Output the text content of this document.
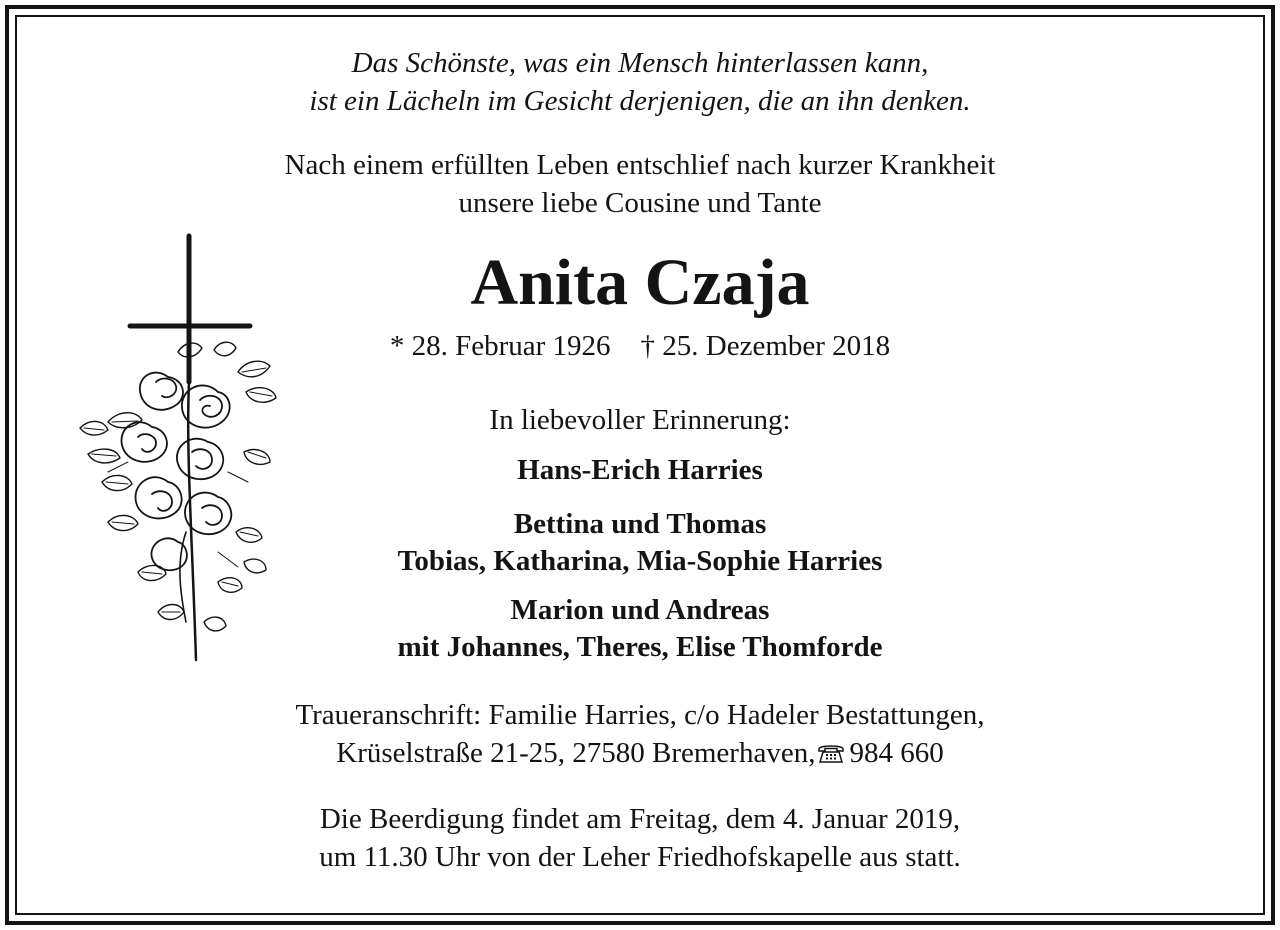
Das Schönste, was ein Mensch hinterlassen kann,
ist ein Lächeln im Gesicht derjenigen, die an ihn denken.
Nach einem erfüllten Leben entschlief nach kurzer Krankheit
unsere liebe Cousine und Tante
Anita Czaja
* 28. Februar 1926 † 25. Dezember 2018
In liebevoller Erinnerung:
Hans-Erich Harries
Bettina und Thomas
Tobias, Katharina, Mia-Sophie Harries
Marion und Andreas
mit Johannes, Theres, Elise Thomforde
Traueranschrift: Familie Harries, c/o Hadeler Bestattungen,
Krüselstraße 21-25, 27580 Bremerhaven, 984 660
Die Beerdigung findet am Freitag, dem 4. Januar 2019,
um 11.30 Uhr von der Leher Friedhofskapelle aus statt.
